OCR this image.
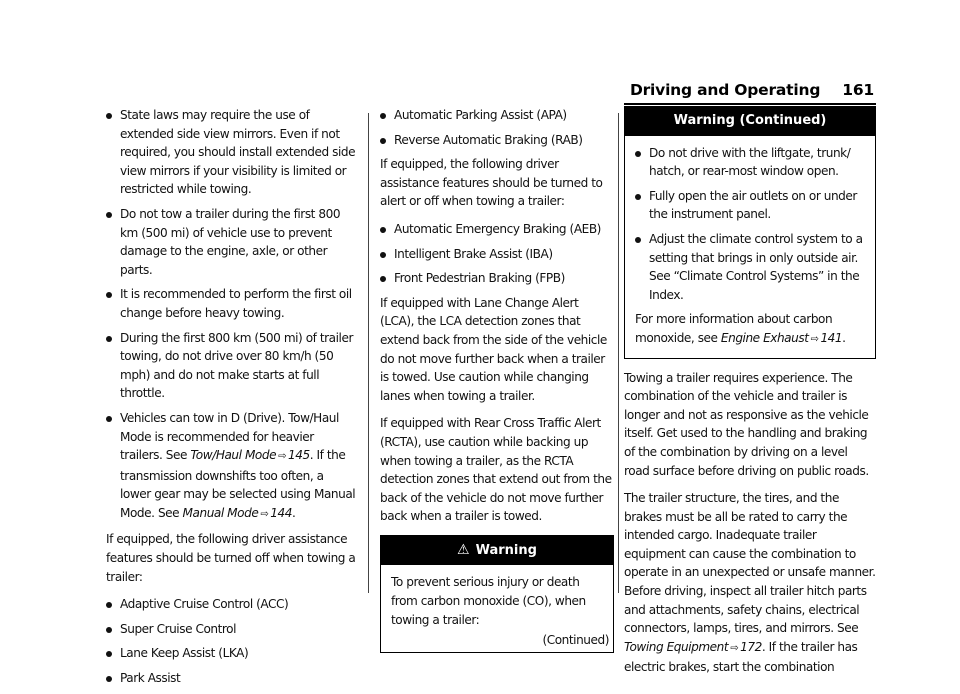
Driving and Operating 161
State laws may require the use of extended side view mirrors. Even if not required, you should install extended side view mirrors if your visibility is limited or restricted while towing.
Do not tow a trailer during the first 800 km (500 mi) of vehicle use to prevent damage to the engine, axle, or other parts.
It is recommended to perform the first oil change before heavy towing.
During the first 800 km (500 mi) of trailer towing, do not drive over 80 km/h (50 mph) and do not make starts at full throttle.
Vehicles can tow in D (Drive). Tow/Haul Mode is recommended for heavier trailers. See Tow/Haul Mode ⇨ 145. If the transmission downshifts too often, a lower gear may be selected using Manual Mode. See Manual Mode ⇨ 144.

If equipped, the following driver assistance features should be turned off when towing a trailer:

Adaptive Cruise Control (ACC)
Super Cruise Control
Lane Keep Assist (LKA)
Park Assist
Automatic Parking Assist (APA)
Reverse Automatic Braking (RAB)

If equipped, the following driver assistance features should be turned to alert or off when towing a trailer:

Automatic Emergency Braking (AEB)
Intelligent Brake Assist (IBA)
Front Pedestrian Braking (FPB)

If equipped with Lane Change Alert (LCA), the LCA detection zones that extend back from the side of the vehicle do not move further back when a trailer is towed. Use caution while changing lanes when towing a trailer.

If equipped with Rear Cross Traffic Alert (RCTA), use caution while backing up when towing a trailer, as the RCTA detection zones that extend out from the back of the vehicle do not move further back when a trailer is towed.

⚠ Warning
To prevent serious injury or death from carbon monoxide (CO), when towing a trailer:
(Continued)
Warning (Continued)
Do not drive with the liftgate, trunk/ hatch, or rear-most window open.
Fully open the air outlets on or under the instrument panel.
Adjust the climate control system to a setting that brings in only outside air. See “Climate Control Systems” in the Index.

For more information about carbon monoxide, see Engine Exhaust ⇨ 141.

Towing a trailer requires experience. The combination of the vehicle and trailer is longer and not as responsive as the vehicle itself. Get used to the handling and braking of the combination by driving on a level road surface before driving on public roads.

The trailer structure, the tires, and the brakes must be all be rated to carry the intended cargo. Inadequate trailer equipment can cause the combination to operate in an unexpected or unsafe manner. Before driving, inspect all trailer hitch parts and attachments, safety chains, electrical connectors, lamps, tires, and mirrors. See Towing Equipment ⇨ 172. If the trailer has electric brakes, start the combination
